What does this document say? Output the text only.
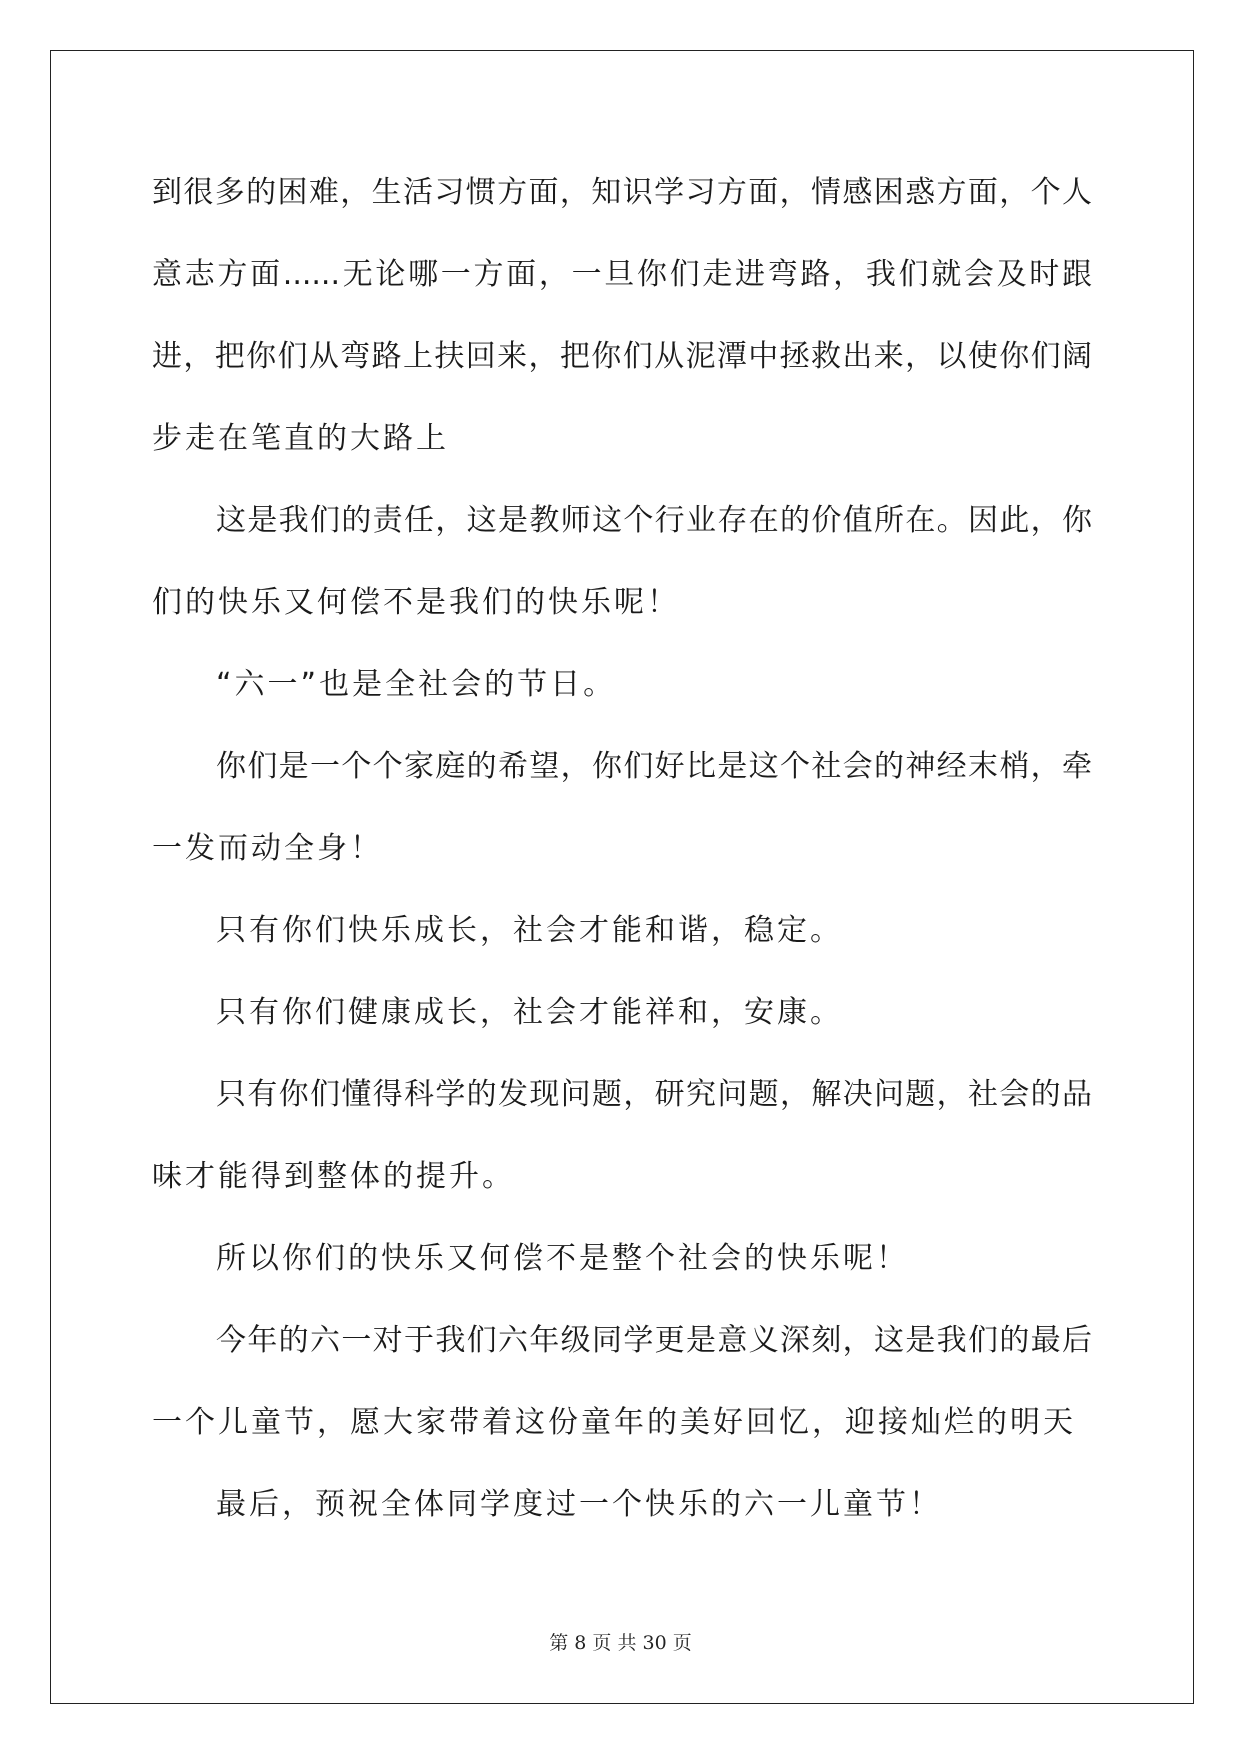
到很多的困难，生活习惯方面，知识学习方面，情感困惑方面，个人
意志方面......无论哪一方面，一旦你们走进弯路，我们就会及时跟
进，把你们从弯路上扶回来，把你们从泥潭中拯救出来，以使你们阔
步走在笔直的大路上
这是我们的责任，这是教师这个行业存在的价值所在。因此，你
们的快乐又何偿不是我们的快乐呢！
“六一”也是全社会的节日。
你们是一个个家庭的希望，你们好比是这个社会的神经末梢，牵
一发而动全身！
只有你们快乐成长，社会才能和谐，稳定。
只有你们健康成长，社会才能祥和，安康。
只有你们懂得科学的发现问题，研究问题，解决问题，社会的品
味才能得到整体的提升。
所以你们的快乐又何偿不是整个社会的快乐呢！
今年的六一对于我们六年级同学更是意义深刻，这是我们的最后
一个儿童节，愿大家带着这份童年的美好回忆，迎接灿烂的明天
最后，预祝全体同学度过一个快乐的六一儿童节！
第 8 页 共 30 页
